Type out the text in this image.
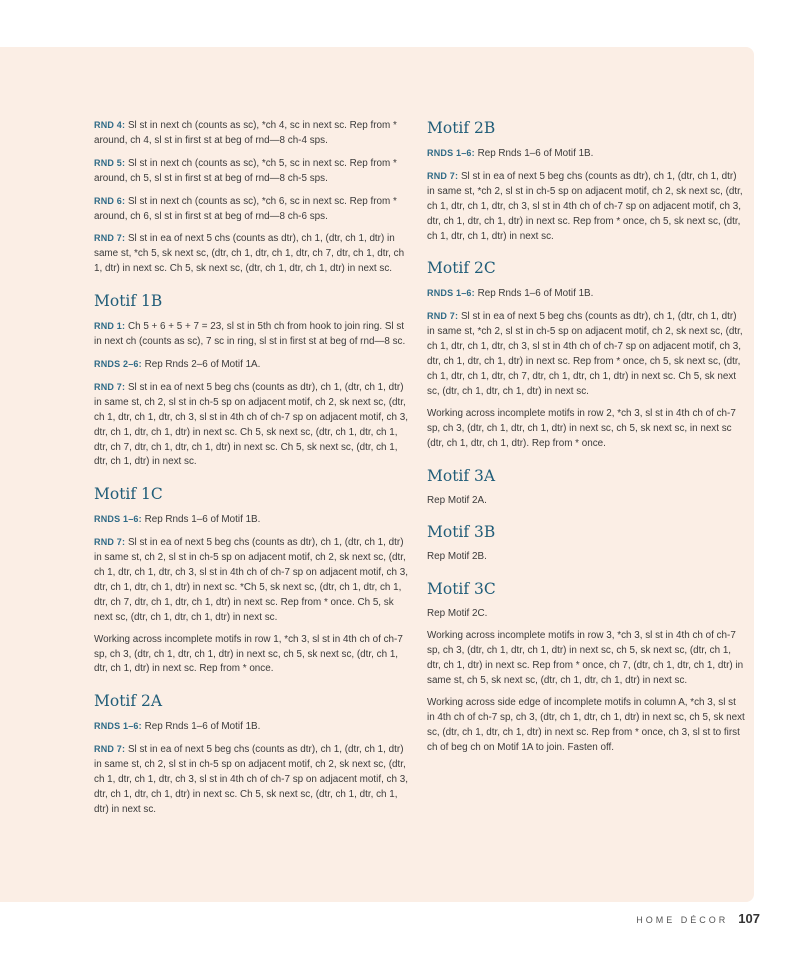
RND 4: Sl st in next ch (counts as sc), *ch 4, sc in next sc. Rep from * around, ch 4, sl st in first st at beg of rnd—8 ch-4 sps.

RND 5: Sl st in next ch (counts as sc), *ch 5, sc in next sc. Rep from * around, ch 5, sl st in first st at beg of rnd—8 ch-5 sps.

RND 6: Sl st in next ch (counts as sc), *ch 6, sc in next sc. Rep from * around, ch 6, sl st in first st at beg of rnd—8 ch-6 sps.

RND 7: Sl st in ea of next 5 chs (counts as dtr), ch 1, (dtr, ch 1, dtr) in same st, *ch 5, sk next sc, (dtr, ch 1, dtr, ch 1, dtr, ch 7, dtr, ch 1, dtr, ch 1, dtr) in next sc. Ch 5, sk next sc, (dtr, ch 1, dtr, ch 1, dtr) in next sc.

Motif 1B

RND 1: Ch 5 + 6 + 5 + 7 = 23, sl st in 5th ch from hook to join ring. Sl st in next ch (counts as sc), 7 sc in ring, sl st in first st at beg of rnd—8 sc.

RNDS 2–6: Rep Rnds 2–6 of Motif 1A.

RND 7: Sl st in ea of next 5 beg chs (counts as dtr), ch 1, (dtr, ch 1, dtr) in same st, ch 2, sl st in ch-5 sp on adjacent motif, ch 2, sk next sc, (dtr, ch 1, dtr, ch 1, dtr, ch 3, sl st in 4th ch of ch-7 sp on adjacent motif, ch 3, dtr, ch 1, dtr, ch 1, dtr) in next sc. Ch 5, sk next sc, (dtr, ch 1, dtr, ch 1, dtr, ch 7, dtr, ch 1, dtr, ch 1, dtr) in next sc. Ch 5, sk next sc, (dtr, ch 1, dtr, ch 1, dtr) in next sc.

Motif 1C

RNDS 1–6: Rep Rnds 1–6 of Motif 1B.

RND 7: Sl st in ea of next 5 beg chs (counts as dtr), ch 1, (dtr, ch 1, dtr) in same st, ch 2, sl st in ch-5 sp on adjacent motif, ch 2, sk next sc, (dtr, ch 1, dtr, ch 1, dtr, ch 3, sl st in 4th ch of ch-7 sp on adjacent motif, ch 3, dtr, ch 1, dtr, ch 1, dtr) in next sc. *Ch 5, sk next sc, (dtr, ch 1, dtr, ch 1, dtr, ch 7, dtr, ch 1, dtr, ch 1, dtr) in next sc. Rep from * once. Ch 5, sk next sc, (dtr, ch 1, dtr, ch 1, dtr) in next sc.

Working across incomplete motifs in row 1, *ch 3, sl st in 4th ch of ch-7 sp, ch 3, (dtr, ch 1, dtr, ch 1, dtr) in next sc, ch 5, sk next sc, (dtr, ch 1, dtr, ch 1, dtr) in next sc. Rep from * once.

Motif 2A

RNDS 1–6: Rep Rnds 1–6 of Motif 1B.

RND 7: Sl st in ea of next 5 beg chs (counts as dtr), ch 1, (dtr, ch 1, dtr) in same st, ch 2, sl st in ch-5 sp on adjacent motif, ch 2, sk next sc, (dtr, ch 1, dtr, ch 1, dtr, ch 3, sl st in 4th ch of ch-7 sp on adjacent motif, ch 3, dtr, ch 1, dtr, ch 1, dtr) in next sc. Ch 5, sk next sc, (dtr, ch 1, dtr, ch 1, dtr) in next sc.

Motif 2B

RNDS 1–6: Rep Rnds 1–6 of Motif 1B.

RND 7: Sl st in ea of next 5 beg chs (counts as dtr), ch 1, (dtr, ch 1, dtr) in same st, *ch 2, sl st in ch-5 sp on adjacent motif, ch 2, sk next sc, (dtr, ch 1, dtr, ch 1, dtr, ch 3, sl st in 4th ch of ch-7 sp on adjacent motif, ch 3, dtr, ch 1, dtr, ch 1, dtr) in next sc. Rep from * once, ch 5, sk next sc, (dtr, ch 1, dtr, ch 1, dtr) in next sc.

Motif 2C

RNDS 1–6: Rep Rnds 1–6 of Motif 1B.

RND 7: Sl st in ea of next 5 beg chs (counts as dtr), ch 1, (dtr, ch 1, dtr) in same st, *ch 2, sl st in ch-5 sp on adjacent motif, ch 2, sk next sc, (dtr, ch 1, dtr, ch 1, dtr, ch 3, sl st in 4th ch of ch-7 sp on adjacent motif, ch 3, dtr, ch 1, dtr, ch 1, dtr) in next sc. Rep from * once, ch 5, sk next sc, (dtr, ch 1, dtr, ch 1, dtr, ch 7, dtr, ch 1, dtr, ch 1, dtr) in next sc. Ch 5, sk next sc, (dtr, ch 1, dtr, ch 1, dtr) in next sc.

Working across incomplete motifs in row 2, *ch 3, sl st in 4th ch of ch-7 sp, ch 3, (dtr, ch 1, dtr, ch 1, dtr) in next sc, ch 5, sk next sc, in next sc (dtr, ch 1, dtr, ch 1, dtr). Rep from * once.

Motif 3A

Rep Motif 2A.

Motif 3B

Rep Motif 2B.

Motif 3C

Rep Motif 2C.

Working across incomplete motifs in row 3, *ch 3, sl st in 4th ch of ch-7 sp, ch 3, (dtr, ch 1, dtr, ch 1, dtr) in next sc, ch 5, sk next sc, (dtr, ch 1, dtr, ch 1, dtr) in next sc. Rep from * once, ch 7, (dtr, ch 1, dtr, ch 1, dtr) in same st, ch 5, sk next sc, (dtr, ch 1, dtr, ch 1, dtr) in next sc.

Working across side edge of incomplete motifs in column A, *ch 3, sl st in 4th ch of ch-7 sp, ch 3, (dtr, ch 1, dtr, ch 1, dtr) in next sc, ch 5, sk next sc, (dtr, ch 1, dtr, ch 1, dtr) in next sc. Rep from * once, ch 3, sl st to first ch of beg ch on Motif 1A to join. Fasten off.

HOME DÉCOR 107
